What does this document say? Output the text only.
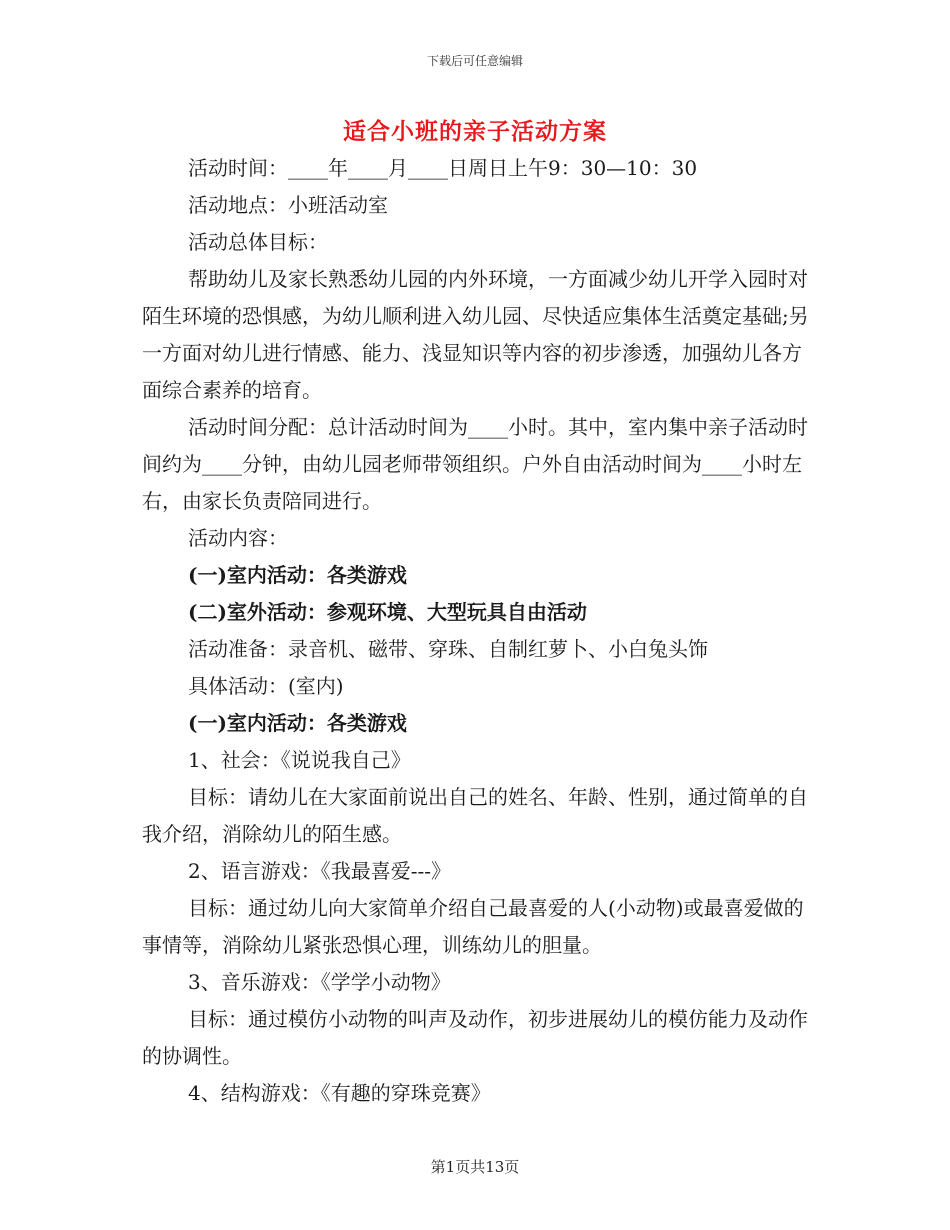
下载后可任意编辑
适合小班的亲子活动方案

活动时间：____年____月____日周日上午9：30—10：30

活动地点：小班活动室

活动总体目标：

帮助幼儿及家长熟悉幼儿园的内外环境，一方面减少幼儿开学入园时对陌生环境的恐惧感，为幼儿顺利进入幼儿园、尽快适应集体生活奠定基础;另一方面对幼儿进行情感、能力、浅显知识等内容的初步渗透，加强幼儿各方面综合素养的培育。

活动时间分配：总计活动时间为____小时。其中，室内集中亲子活动时间约为____分钟，由幼儿园老师带领组织。户外自由活动时间为____小时左右，由家长负责陪同进行。

活动内容：

(一)室内活动：各类游戏

(二)室外活动：参观环境、大型玩具自由活动

活动准备：录音机、磁带、穿珠、自制红萝卜、小白兔头饰

具体活动：(室内)

(一)室内活动：各类游戏

1、社会：《说说我自己》

目标：请幼儿在大家面前说出自己的姓名、年龄、性别，通过简单的自我介绍，消除幼儿的陌生感。

2、语言游戏：《我最喜爱---》

目标：通过幼儿向大家简单介绍自己最喜爱的人(小动物)或最喜爱做的事情等，消除幼儿紧张恐惧心理，训练幼儿的胆量。

3、音乐游戏：《学学小动物》

目标：通过模仿小动物的叫声及动作，初步进展幼儿的模仿能力及动作的协调性。

4、结构游戏：《有趣的穿珠竞赛》

第1页共13页
